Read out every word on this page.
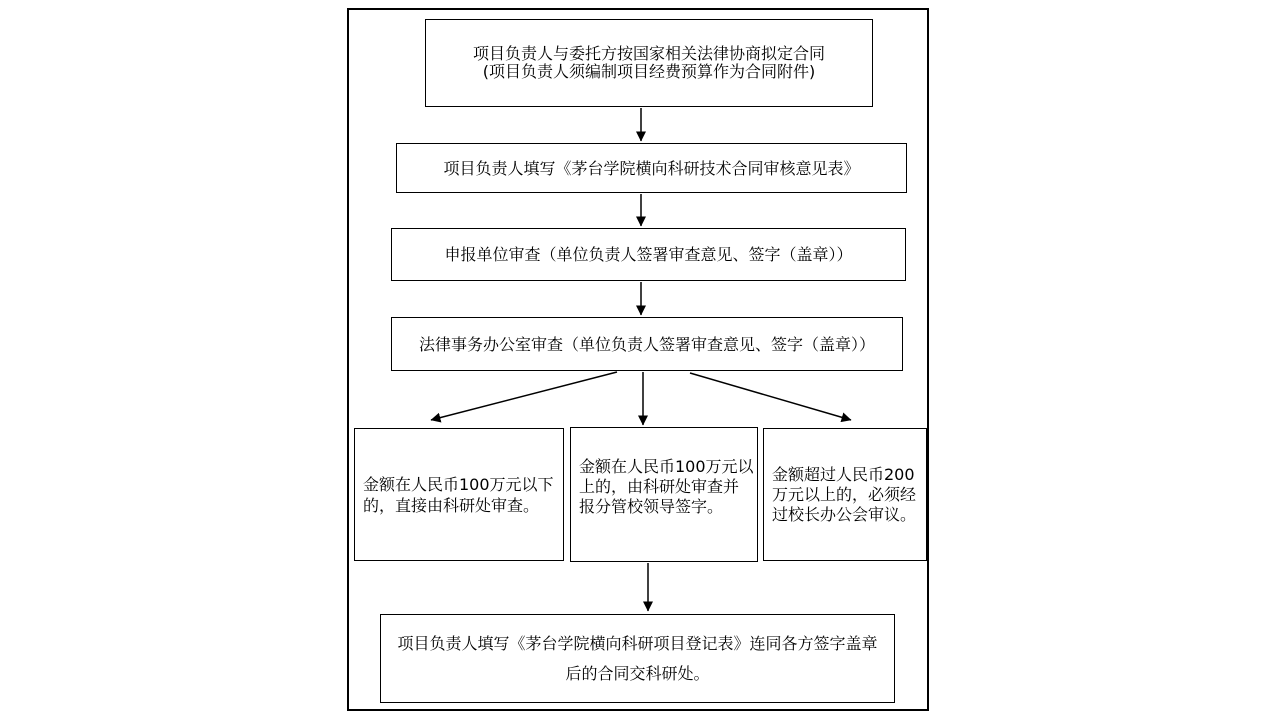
项目负责人与委托方按国家相关法律协商拟定合同
(项目负责人须编制项目经费预算作为合同附件)
项目负责人填写《茅台学院横向科研技术合同审核意见表》
申报单位审查（单位负责人签署审查意见、签字（盖章））
法律事务办公室审查（单位负责人签署审查意见、签字（盖章））
金额在人民币100万元以下
的，直接由科研处审查。
金额在人民币100万元以
上的，由科研处审查并
报分管校领导签字。
金额超过人民币200
万元以上的，必须经
过校长办公会审议。
项目负责人填写《茅台学院横向科研项目登记表》连同各方签字盖章
后的合同交科研处。
